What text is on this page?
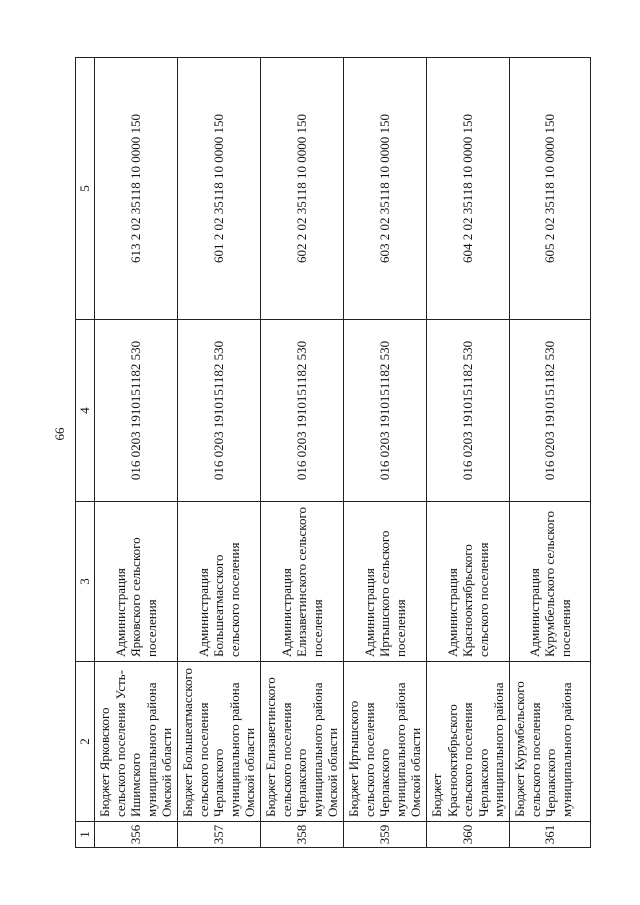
66
1	2	3	4	5
356	Бюджет Ярковского сельского поселения Усть-Ишимского муниципального района Омской области	Администрация Ярковского сельского поселения	016 0203 1910151182 530	613 2 02 35118 10 0000 150
357	Бюджет Большеатмасского сельского поселения Черлакского муниципального района Омской области	Администрация Большеатмасского сельского поселения	016 0203 1910151182 530	601 2 02 35118 10 0000 150
358	Бюджет Елизаветинского сельского поселения Черлакского муниципального района Омской области	Администрация Елизаветинского сельского поселения	016 0203 1910151182 530	602 2 02 35118 10 0000 150
359	Бюджет Иртышского сельского поселения Черлакского муниципального района Омской области	Администрация Иртышского сельского поселения	016 0203 1910151182 530	603 2 02 35118 10 0000 150
360	Бюджет Краснооктябрьского сельского поселения Черлакского муниципального района	Администрация Краснооктябрьского сельского поселения	016 0203 1910151182 530	604 2 02 35118 10 0000 150
361	Бюджет Курумбельского сельского поселения Черлакского муниципального района	Администрация Курумбельского сельского поселения	016 0203 1910151182 530	605 2 02 35118 10 0000 150
